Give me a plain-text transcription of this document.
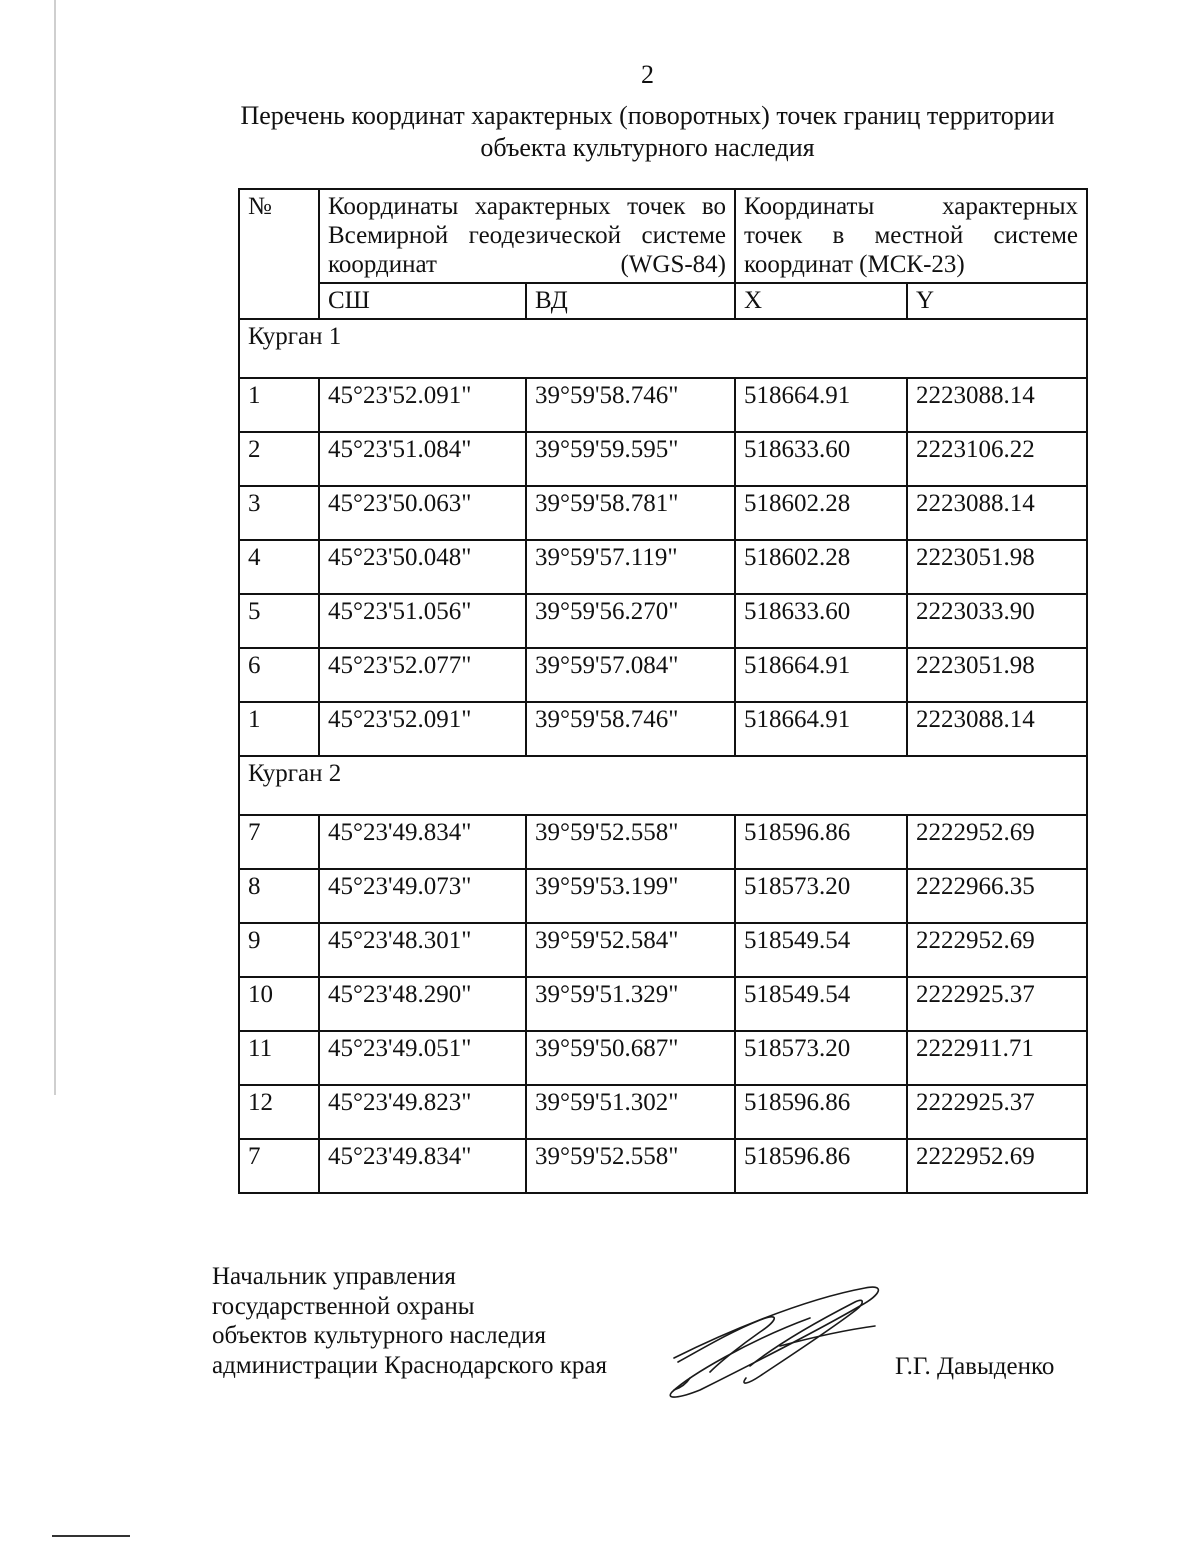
2
Перечень координат характерных (поворотных) точек границ территории
объекта культурного наследия
№	Координаты характерных точек во Всемирной геодезической системе координат (WGS-84)		Координаты характерных точек в местной системе
координат (МСК-23)	

	СШ	ВД	X	Y
Курган 1				
1	45°23'52.091"	39°59'58.746"	518664.91	2223088.14
2	45°23'51.084"	39°59'59.595"	518633.60	2223106.22
3	45°23'50.063"	39°59'58.781"	518602.28	2223088.14
4	45°23'50.048"	39°59'57.119"	518602.28	2223051.98
5	45°23'51.056"	39°59'56.270"	518633.60	2223033.90
6	45°23'52.077"	39°59'57.084"	518664.91	2223051.98
1	45°23'52.091"	39°59'58.746"	518664.91	2223088.14
Курган 2				
7	45°23'49.834"	39°59'52.558"	518596.86	2222952.69
8	45°23'49.073"	39°59'53.199"	518573.20	2222966.35
9	45°23'48.301"	39°59'52.584"	518549.54	2222952.69
10	45°23'48.290"	39°59'51.329"	518549.54	2222925.37
11	45°23'49.051"	39°59'50.687"	518573.20	2222911.71
12	45°23'49.823"	39°59'51.302"	518596.86	2222925.37
7	45°23'49.834"	39°59'52.558"	518596.86	2222952.69
Начальник управления
государственной охраны
объектов культурного наследия
администрации Краснодарского края	Г.Г. Давыденко
